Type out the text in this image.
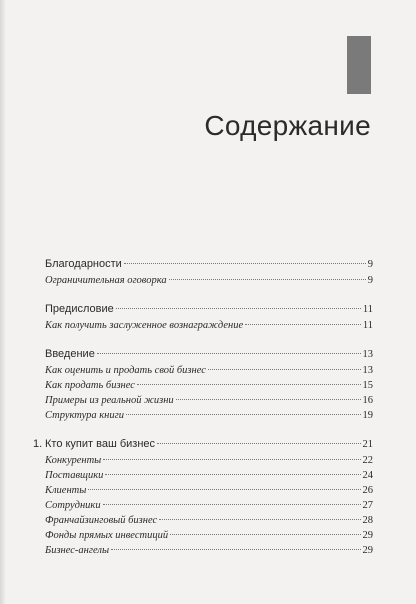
Содержание
Благодарности	9
Ограничительная оговорка	9
Предисловие	11
Как получить заслуженное вознаграждение	11
Введение	13
Как оценить и продать свой бизнес	13
Как продать бизнес	15
Примеры из реальной жизни	16
Структура книги	19
1. Кто купит ваш бизнес	21
Конкуренты	22
Поставщики	24
Клиенты	26
Сотрудники	27
Франчайзинговый бизнес	28
Фонды прямых инвестиций	29
Бизнес-ангелы	29
